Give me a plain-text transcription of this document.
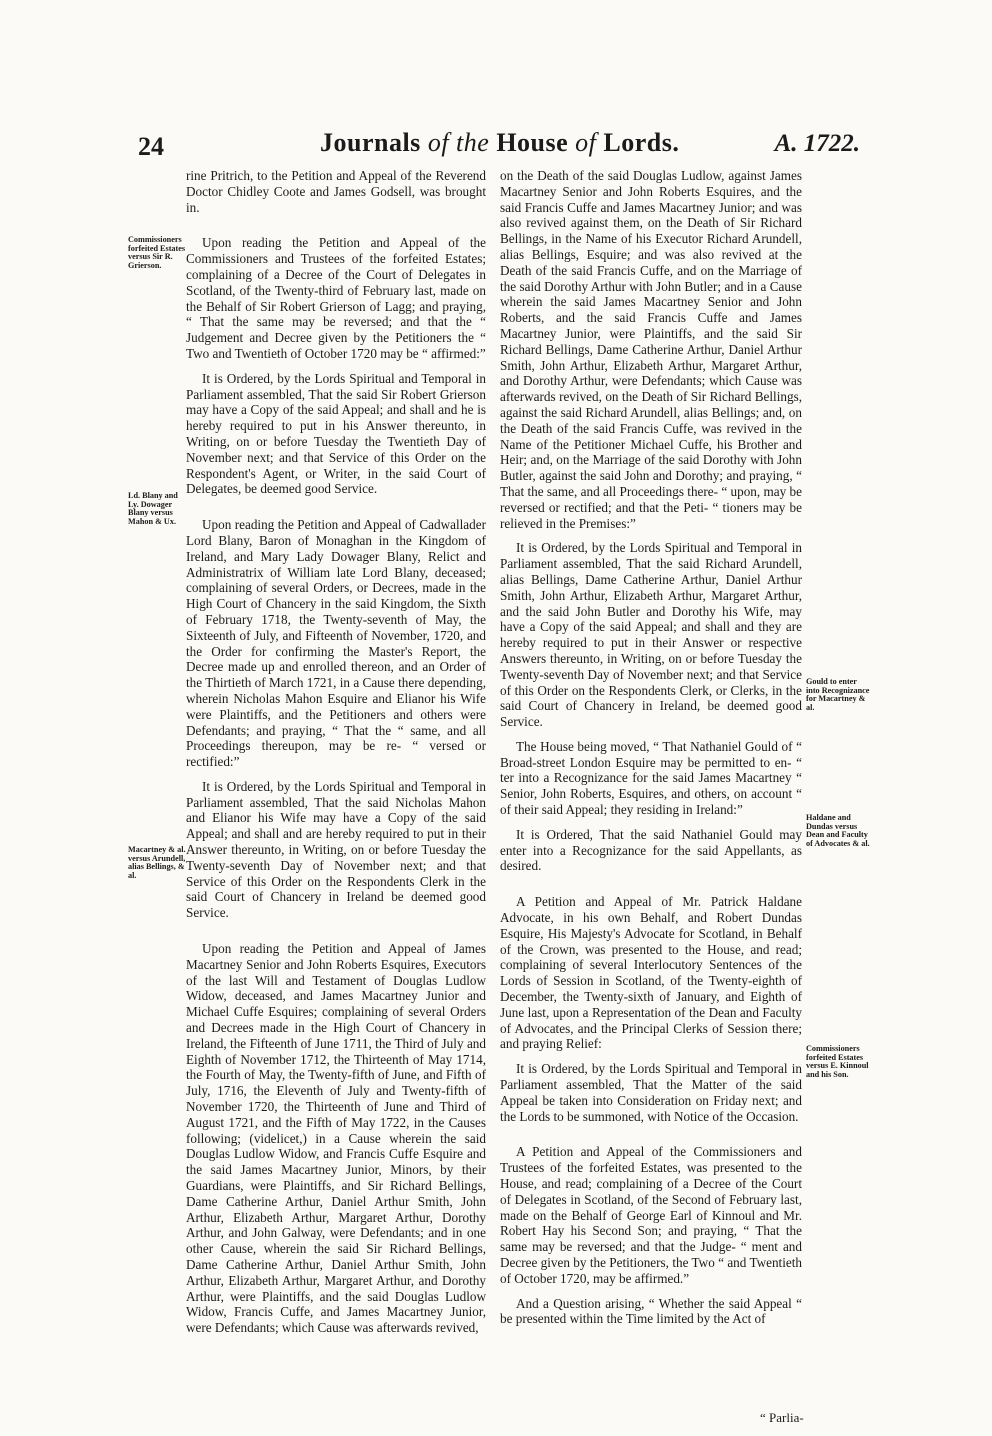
24	Journals of the House of Lords.	A. 1722.
Commissioners forfeited Estates versus Sir R. Grierson.
Ld. Blany and Ly. Dowager Blany versus Mahon & Ux.
Macartney & al. versus Arundell, alias Bellings, & al.
Gould to enter into Recognizance for Macartney & al.
Haldane and Dundas versus Dean and Faculty of Advocates & al.
Commissioners forfeited Estates versus E. Kinnoul and his Son.

rine Pritrich, to the Petition and Appeal of the Reverend Doctor Chidley Coote and James Godsell, was brought in.

Upon reading the Petition and Appeal of the Commissioners and Trustees of the forfeited Estates; complaining of a Decree of the Court of Delegates in Scotland, of the Twenty-third of February last, made on the Behalf of Sir Robert Grierson of Lagg; and praying, “ That the same may be reversed; and that the “ Judgement and Decree given by the Petitioners the “ Two and Twentieth of October 1720 may be “ affirmed:”

It is Ordered, by the Lords Spiritual and Temporal in Parliament assembled, That the said Sir Robert Grierson may have a Copy of the said Appeal; and shall and he is hereby required to put in his Answer thereunto, in Writing, on or before Tuesday the Twentieth Day of November next; and that Service of this Order on the Respondent's Agent, or Writer, in the said Court of Delegates, be deemed good Service.

Upon reading the Petition and Appeal of Cadwallader Lord Blany, Baron of Monaghan in the Kingdom of Ireland, and Mary Lady Dowager Blany, Relict and Administratrix of William late Lord Blany, deceased; complaining of several Orders, or Decrees, made in the High Court of Chancery in the said Kingdom, the Sixth of February 1718, the Twenty-seventh of May, the Sixteenth of July, and Fifteenth of November, 1720, and the Order for confirming the Master's Report, the Decree made up and enrolled thereon, and an Order of the Thirtieth of March 1721, in a Cause there depending, wherein Nicholas Mahon Esquire and Elianor his Wife were Plaintiffs, and the Petitioners and others were Defendants; and praying, “ That the “ same, and all Proceedings thereupon, may be re- “ versed or rectified:”

It is Ordered, by the Lords Spiritual and Temporal in Parliament assembled, That the said Nicholas Mahon and Elianor his Wife may have a Copy of the said Appeal; and shall and are hereby required to put in their Answer thereunto, in Writing, on or before Tuesday the Twenty-seventh Day of November next; and that Service of this Order on the Respondents Clerk in the said Court of Chancery in Ireland be deemed good Service.

Upon reading the Petition and Appeal of James Macartney Senior and John Roberts Esquires, Executors of the last Will and Testament of Douglas Ludlow Widow, deceased, and James Macartney Junior and Michael Cuffe Esquires; complaining of several Orders and Decrees made in the High Court of Chancery in Ireland, the Fifteenth of June 1711, the Third of July and Eighth of November 1712, the Thirteenth of May 1714, the Fourth of May, the Twenty-fifth of June, and Fifth of July, 1716, the Eleventh of July and Twenty-fifth of November 1720, the Thirteenth of June and Third of August 1721, and the Fifth of May 1722, in the Causes following; (videlicet,) in a Cause wherein the said Douglas Ludlow Widow, and Francis Cuffe Esquire and the said James Macartney Junior, Minors, by their Guardians, were Plaintiffs, and Sir Richard Bellings, Dame Catherine Arthur, Daniel Arthur Smith, John Arthur, Elizabeth Arthur, Margaret Arthur, Dorothy Arthur, and John Galway, were Defendants; and in one other Cause, wherein the said Sir Richard Bellings, Dame Catherine Arthur, Daniel Arthur Smith, John Arthur, Elizabeth Arthur, Margaret Arthur, and Dorothy Arthur, were Plaintiffs, and the said Douglas Ludlow Widow, Francis Cuffe, and James Macartney Junior, were Defendants; which Cause was afterwards revived,

on the Death of the said Douglas Ludlow, against James Macartney Senior and John Roberts Esquires, and the said Francis Cuffe and James Macartney Junior; and was also revived against them, on the Death of Sir Richard Bellings, in the Name of his Executor Richard Arundell, alias Bellings, Esquire; and was also revived at the Death of the said Francis Cuffe, and on the Marriage of the said Dorothy Arthur with John Butler; and in a Cause wherein the said James Macartney Senior and John Roberts, and the said Francis Cuffe and James Macartney Junior, were Plaintiffs, and the said Sir Richard Bellings, Dame Catherine Arthur, Daniel Arthur Smith, John Arthur, Elizabeth Arthur, Margaret Arthur, and Dorothy Arthur, were Defendants; which Cause was afterwards revived, on the Death of Sir Richard Bellings, against the said Richard Arundell, alias Bellings; and, on the Death of the said Francis Cuffe, was revived in the Name of the Petitioner Michael Cuffe, his Brother and Heir; and, on the Marriage of the said Dorothy with John Butler, against the said John and Dorothy; and praying, “ That the same, and all Proceedings there- “ upon, may be reversed or rectified; and that the Peti- “ tioners may be relieved in the Premises:”

It is Ordered, by the Lords Spiritual and Temporal in Parliament assembled, That the said Richard Arundell, alias Bellings, Dame Catherine Arthur, Daniel Arthur Smith, John Arthur, Elizabeth Arthur, Margaret Arthur, and the said John Butler and Dorothy his Wife, may have a Copy of the said Appeal; and shall and they are hereby required to put in their Answer or respective Answers thereunto, in Writing, on or before Tuesday the Twenty-seventh Day of November next; and that Service of this Order on the Respondents Clerk, or Clerks, in the said Court of Chancery in Ireland, be deemed good Service.

The House being moved, “ That Nathaniel Gould of “ Broad-street London Esquire may be permitted to en- “ ter into a Recognizance for the said James Macartney “ Senior, John Roberts, Esquires, and others, on account “ of their said Appeal; they residing in Ireland:”

It is Ordered, That the said Nathaniel Gould may enter into a Recognizance for the said Appellants, as desired.

A Petition and Appeal of Mr. Patrick Haldane Advocate, in his own Behalf, and Robert Dundas Esquire, His Majesty's Advocate for Scotland, in Behalf of the Crown, was presented to the House, and read; complaining of several Interlocutory Sentences of the Lords of Session in Scotland, of the Twenty-eighth of December, the Twenty-sixth of January, and Eighth of June last, upon a Representation of the Dean and Faculty of Advocates, and the Principal Clerks of Session there; and praying Relief:

It is Ordered, by the Lords Spiritual and Temporal in Parliament assembled, That the Matter of the said Appeal be taken into Consideration on Friday next; and the Lords to be summoned, with Notice of the Occasion.

A Petition and Appeal of the Commissioners and Trustees of the forfeited Estates, was presented to the House, and read; complaining of a Decree of the Court of Delegates in Scotland, of the Second of February last, made on the Behalf of George Earl of Kinnoul and Mr. Robert Hay his Second Son; and praying, “ That the same may be reversed; and that the Judge- “ ment and Decree given by the Petitioners, the Two “ and Twentieth of October 1720, may be affirmed.”

And a Question arising, “ Whether the said Appeal “ be presented within the Time limited by the Act of

“ Parlia-
